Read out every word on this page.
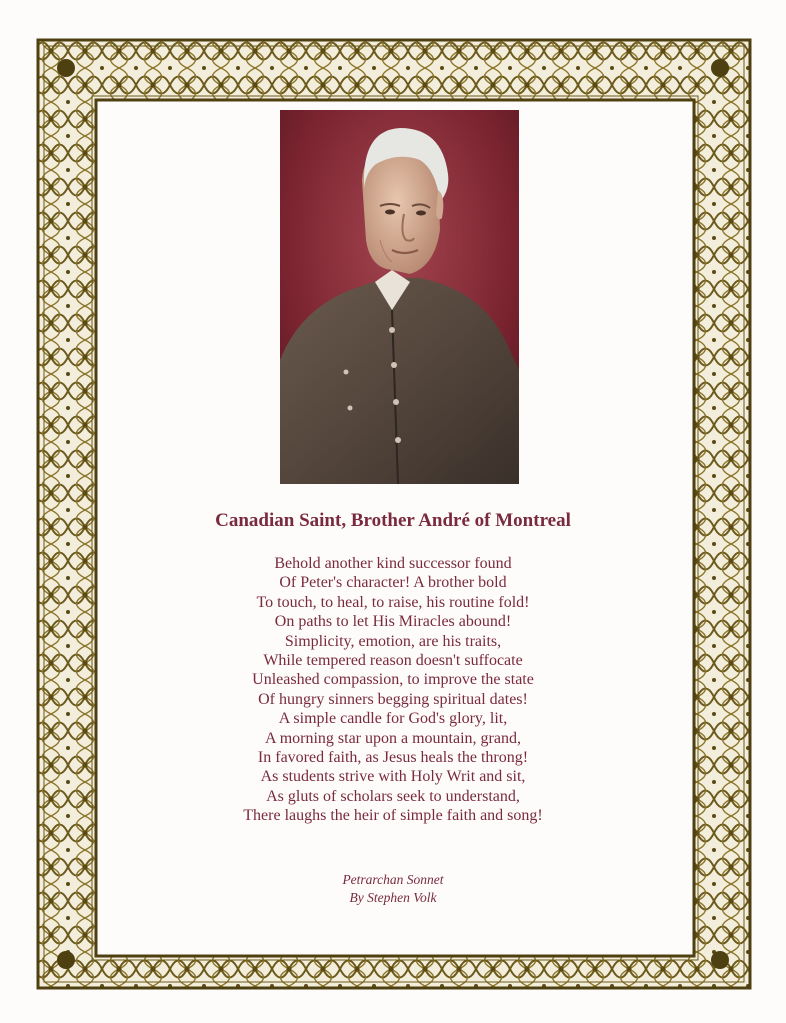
Canadian Saint, Brother André of Montreal
Behold another kind successor found
Of Peter's character! A brother bold
To touch, to heal, to raise, his routine fold!
On paths to let His Miracles abound!
Simplicity, emotion, are his traits,
While tempered reason doesn't suffocate
Unleashed compassion, to improve the state
Of hungry sinners begging spiritual dates!
A simple candle for God's glory, lit,
A morning star upon a mountain, grand,
In favored faith, as Jesus heals the throng!
As students strive with Holy Writ and sit,
As gluts of scholars seek to understand,
There laughs the heir of simple faith and song!
Petrarchan Sonnet
By Stephen Volk
